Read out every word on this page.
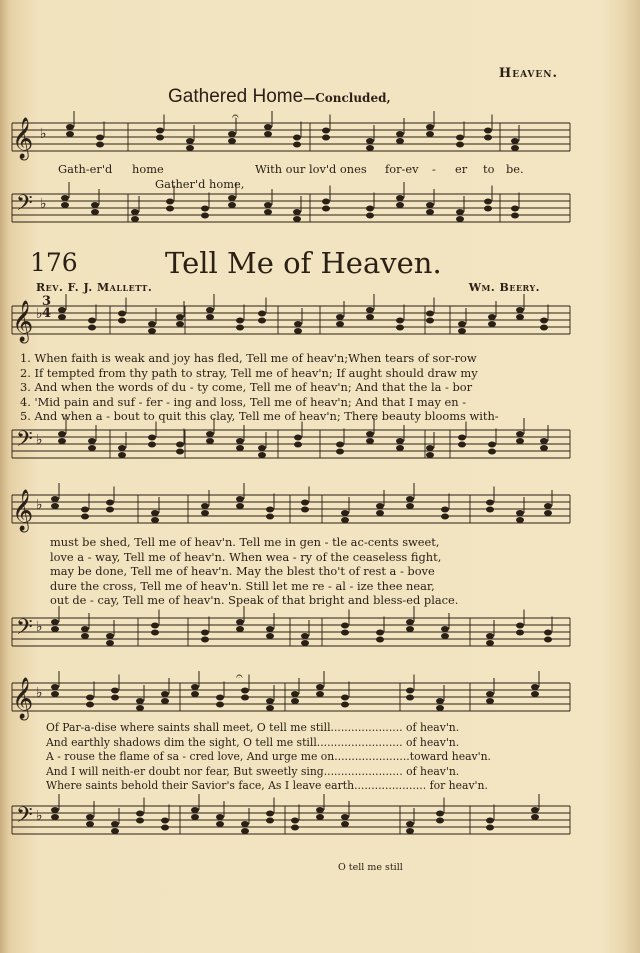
Heaven.
Gathered Home—Concluded,
𝄞
𝄢
𝄞
𝄢
𝄞
𝄢
𝄞
𝄢
♭
♭
♭
♭
♭
♭
♭
♭
𝄐
𝄐
Gath-er'd home	With our lov'd ones for-ev - er to be.
Gather'd home,
176	Tell Me of Heaven.
Rev. F. J. Mallett.	Wm. Beery.
3
4
1. When faith is weak and joy has fled, Tell me of heav'n;When tears of sor-row
2. If tempted from thy path to stray, Tell me of heav'n; If aught should draw my
3. And when the words of du - ty come, Tell me of heav'n; And that the la - bor
4. 'Mid pain and suf - fer - ing and loss, Tell me of heav'n; And that I may en -
5. And when a - bout to quit this clay, Tell me of heav'n; There beauty blooms with-
must be shed, Tell me of heav'n. Tell me in gen - tle ac-cents sweet,
love a - way, Tell me of heav'n. When wea - ry of the ceaseless fight,
may be done, Tell me of heav'n. May the blest tho't of rest a - bove
dure the cross, Tell me of heav'n. Still let me re - al - ize thee near,
out de - cay, Tell me of heav'n. Speak of that bright and bless-ed place.
Of Par-a-dise where saints shall meet, O tell me still..................... of heav'n.
And earthly shadows dim the sight, O tell me still......................... of heav'n.
A - rouse the flame of sa - cred love, And urge me on......................toward heav'n.
And I will neith-er doubt nor fear, But sweetly sing....................... of heav'n.
Where saints behold their Savior's face, As I leave earth..................... for heav'n.
O tell me still
